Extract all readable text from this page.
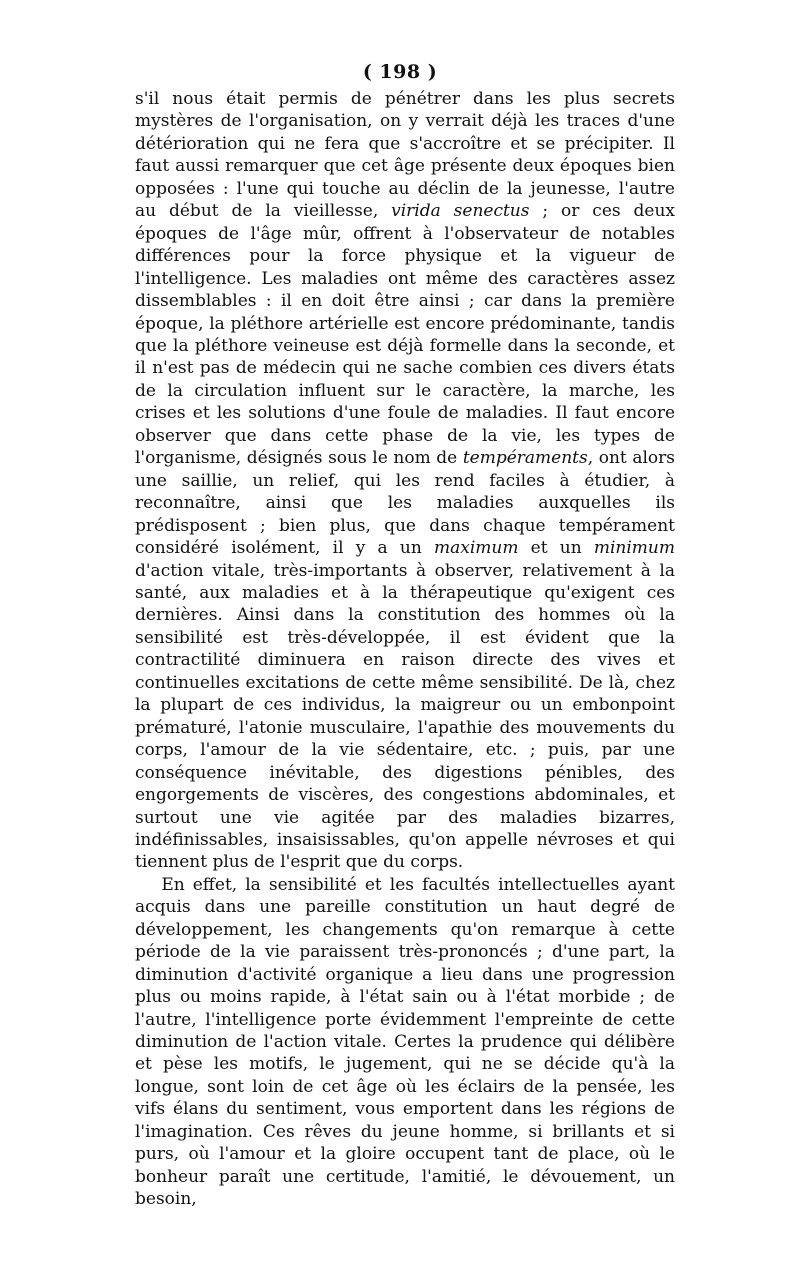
( 198 )

s'il nous était permis de pénétrer dans les plus secrets mystères de l'organisation, on y verrait déjà les traces d'une détérioration qui ne fera que s'accroître et se précipiter. Il faut aussi remarquer que cet âge présente deux époques bien opposées : l'une qui touche au déclin de la jeunesse, l'autre au début de la vieillesse, virida senectus ; or ces deux époques de l'âge mûr, offrent à l'observateur de notables différences pour la force physique et la vigueur de l'intelligence. Les maladies ont même des caractères assez dissemblables : il en doit être ainsi ; car dans la première époque, la pléthore artérielle est encore prédominante, tandis que la pléthore veineuse est déjà formelle dans la seconde, et il n'est pas de médecin qui ne sache combien ces divers états de la circulation influent sur le caractère, la marche, les crises et les solutions d'une foule de maladies. Il faut encore observer que dans cette phase de la vie, les types de l'organisme, désignés sous le nom de tempéraments, ont alors une saillie, un relief, qui les rend faciles à étudier, à reconnaître, ainsi que les maladies auxquelles ils prédisposent ; bien plus, que dans chaque tempérament considéré isolément, il y a un maximum et un minimum d'action vitale, très-importants à observer, relativement à la santé, aux maladies et à la thérapeutique qu'exigent ces dernières. Ainsi dans la constitution des hommes où la sensibilité est très-développée, il est évident que la contractilité diminuera en raison directe des vives et continuelles excitations de cette même sensibilité. De là, chez la plupart de ces individus, la maigreur ou un embonpoint prématuré, l'atonie musculaire, l'apathie des mouvements du corps, l'amour de la vie sédentaire, etc. ; puis, par une conséquence inévitable, des digestions pénibles, des engorgements de viscères, des congestions abdominales, et surtout une vie agitée par des maladies bizarres, indéfinissables, insaisissables, qu'on appelle névroses et qui tiennent plus de l'esprit que du corps.

En effet, la sensibilité et les facultés intellectuelles ayant acquis dans une pareille constitution un haut degré de développement, les changements qu'on remarque à cette période de la vie paraissent très-prononcés ; d'une part, la diminution d'activité organique a lieu dans une progression plus ou moins rapide, à l'état sain ou à l'état morbide ; de l'autre, l'intelligence porte évidemment l'empreinte de cette diminution de l'action vitale. Certes la prudence qui délibère et pèse les motifs, le jugement, qui ne se décide qu'à la longue, sont loin de cet âge où les éclairs de la pensée, les vifs élans du sentiment, vous emportent dans les régions de l'imagination. Ces rêves du jeune homme, si brillants et si purs, où l'amour et la gloire occupent tant de place, où le bonheur paraît une certitude, l'amitié, le dévouement, un besoin,
